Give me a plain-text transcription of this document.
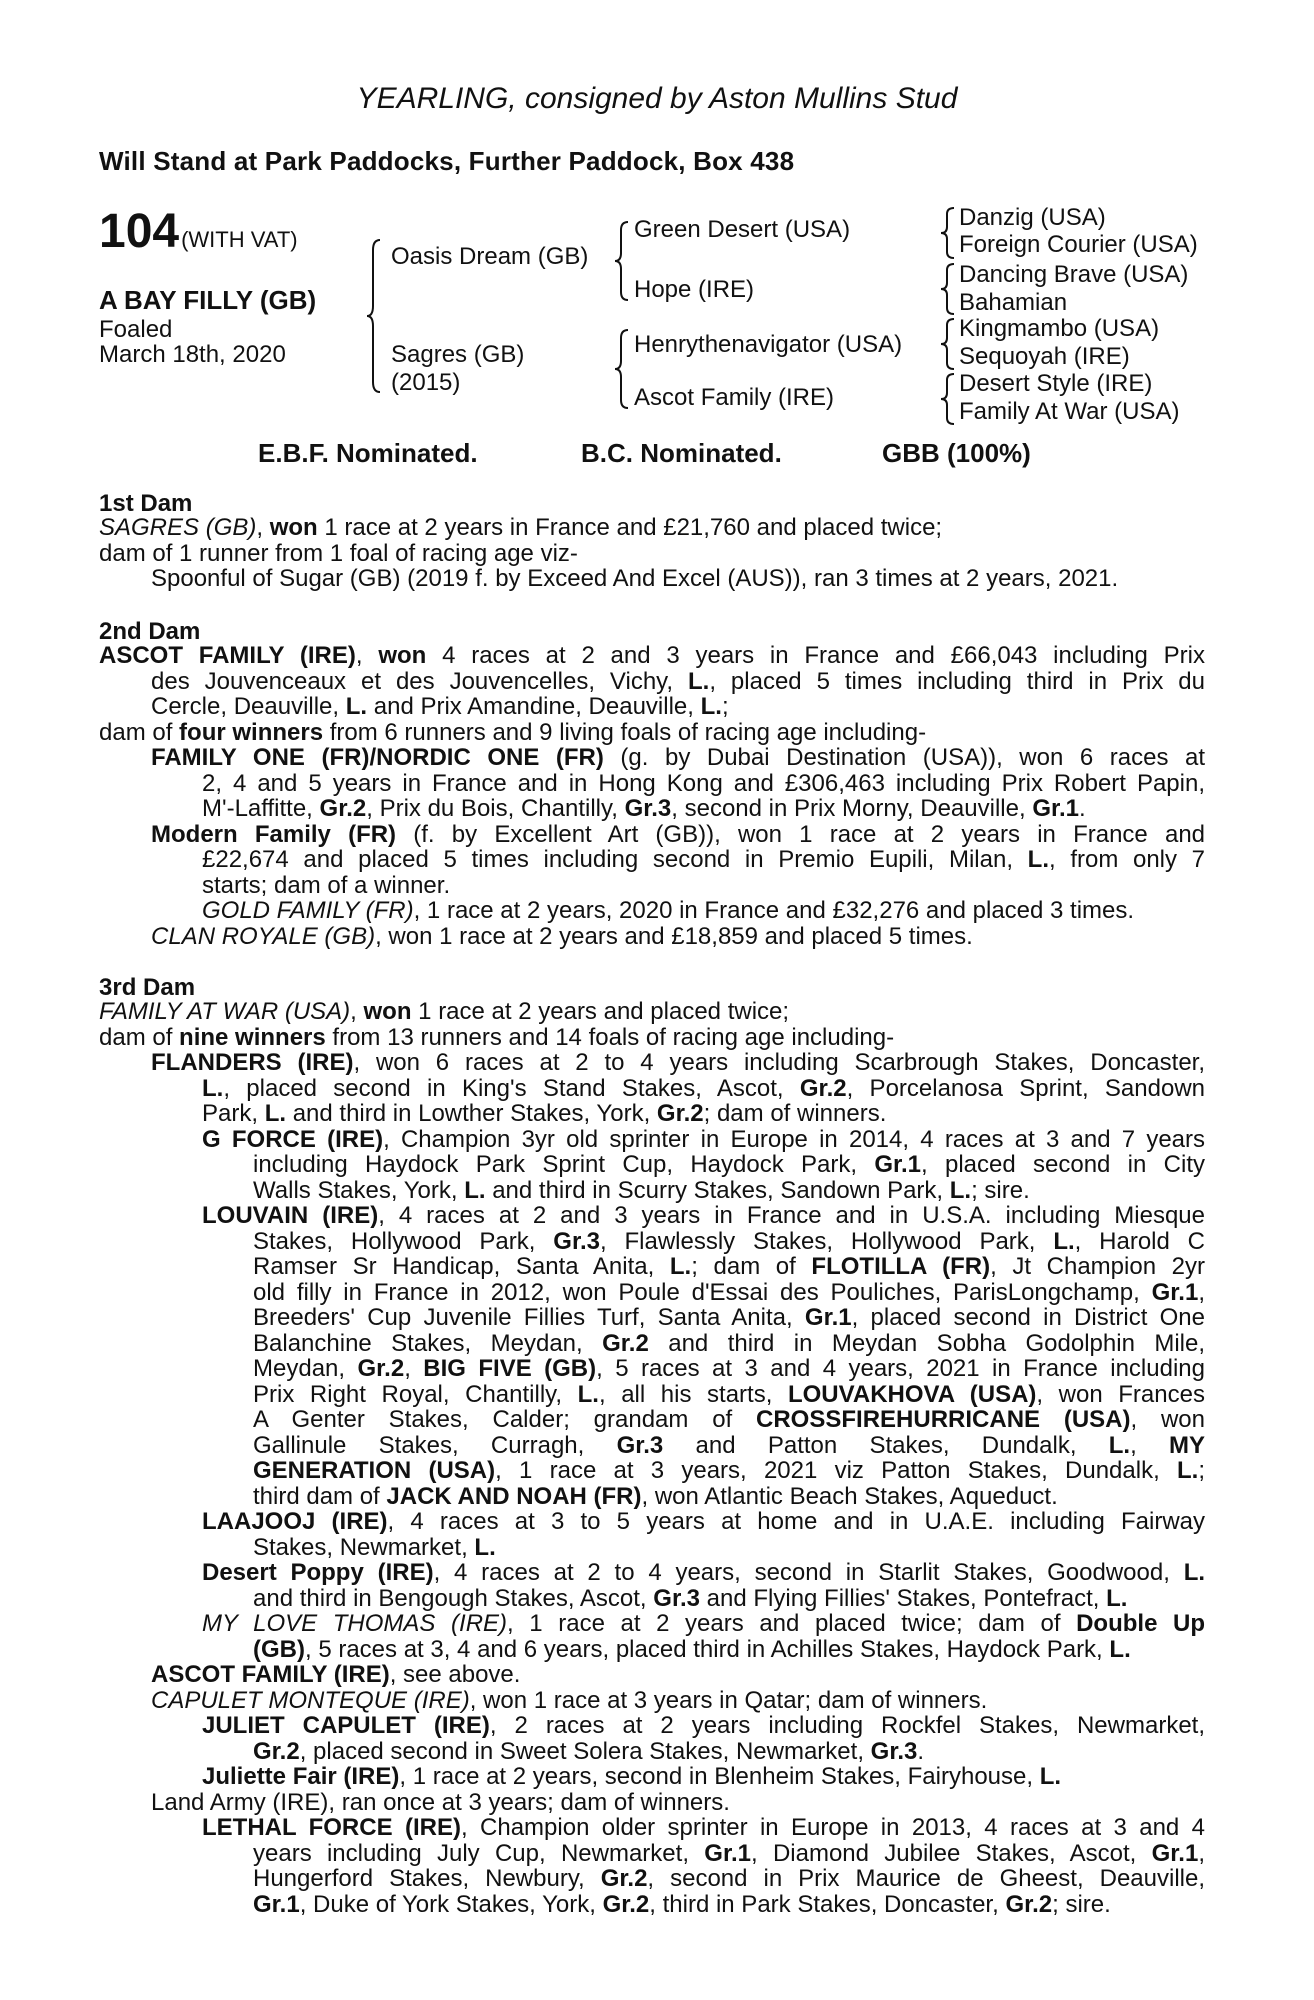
YEARLING, consigned by Aston Mullins Stud
Will Stand at Park Paddocks, Further Paddock, Box 438
104(WITH VAT)
A BAY FILLY (GB)
Foaled
March 18th, 2020
Oasis Dream (GB)
Sagres (GB)
(2015)
Green Desert (USA)
Hope (IRE)
Henrythenavigator (USA)
Ascot Family (IRE)
Danzig (USA)
Foreign Courier (USA)
Dancing Brave (USA)
Bahamian
Kingmambo (USA)
Sequoyah (IRE)
Desert Style (IRE)
Family At War (USA)
E.B.F. Nominated.	B.C. Nominated.	GBB (100%)
1st Dam
SAGRES (GB), won 1 race at 2 years in France and £21,760 and placed twice;
dam of 1 runner from 1 foal of racing age viz-
Spoonful of Sugar (GB) (2019 f. by Exceed And Excel (AUS)), ran 3 times at 2 years, 2021.
2nd Dam
ASCOT FAMILY (IRE), won 4 races at 2 and 3 years in France and £66,043 including Prix
des Jouvenceaux et des Jouvencelles, Vichy, L., placed 5 times including third in Prix du
Cercle, Deauville, L. and Prix Amandine, Deauville, L.;
dam of four winners from 6 runners and 9 living foals of racing age including-
FAMILY ONE (FR)/NORDIC ONE (FR) (g. by Dubai Destination (USA)), won 6 races at
2, 4 and 5 years in France and in Hong Kong and £306,463 including Prix Robert Papin,
M'-Laffitte, Gr.2, Prix du Bois, Chantilly, Gr.3, second in Prix Morny, Deauville, Gr.1.
Modern Family (FR) (f. by Excellent Art (GB)), won 1 race at 2 years in France and
£22,674 and placed 5 times including second in Premio Eupili, Milan, L., from only 7
starts; dam of a winner.
GOLD FAMILY (FR), 1 race at 2 years, 2020 in France and £32,276 and placed 3 times.
CLAN ROYALE (GB), won 1 race at 2 years and £18,859 and placed 5 times.
3rd Dam
FAMILY AT WAR (USA), won 1 race at 2 years and placed twice;
dam of nine winners from 13 runners and 14 foals of racing age including-
FLANDERS (IRE), won 6 races at 2 to 4 years including Scarbrough Stakes, Doncaster,
L., placed second in King's Stand Stakes, Ascot, Gr.2, Porcelanosa Sprint, Sandown
Park, L. and third in Lowther Stakes, York, Gr.2; dam of winners.
G FORCE (IRE), Champion 3yr old sprinter in Europe in 2014, 4 races at 3 and 7 years
including Haydock Park Sprint Cup, Haydock Park, Gr.1, placed second in City
Walls Stakes, York, L. and third in Scurry Stakes, Sandown Park, L.; sire.
LOUVAIN (IRE), 4 races at 2 and 3 years in France and in U.S.A. including Miesque
Stakes, Hollywood Park, Gr.3, Flawlessly Stakes, Hollywood Park, L., Harold C
Ramser Sr Handicap, Santa Anita, L.; dam of FLOTILLA (FR), Jt Champion 2yr
old filly in France in 2012, won Poule d'Essai des Pouliches, ParisLongchamp, Gr.1,
Breeders' Cup Juvenile Fillies Turf, Santa Anita, Gr.1, placed second in District One
Balanchine Stakes, Meydan, Gr.2 and third in Meydan Sobha Godolphin Mile,
Meydan, Gr.2, BIG FIVE (GB), 5 races at 3 and 4 years, 2021 in France including
Prix Right Royal, Chantilly, L., all his starts, LOUVAKHOVA (USA), won Frances
A Genter Stakes, Calder; grandam of CROSSFIREHURRICANE (USA), won
Gallinule Stakes, Curragh, Gr.3 and Patton Stakes, Dundalk, L., MY
GENERATION (USA), 1 race at 3 years, 2021 viz Patton Stakes, Dundalk, L.;
third dam of JACK AND NOAH (FR), won Atlantic Beach Stakes, Aqueduct.
LAAJOOJ (IRE), 4 races at 3 to 5 years at home and in U.A.E. including Fairway
Stakes, Newmarket, L.
Desert Poppy (IRE), 4 races at 2 to 4 years, second in Starlit Stakes, Goodwood, L.
and third in Bengough Stakes, Ascot, Gr.3 and Flying Fillies' Stakes, Pontefract, L.
MY LOVE THOMAS (IRE), 1 race at 2 years and placed twice; dam of Double Up
(GB), 5 races at 3, 4 and 6 years, placed third in Achilles Stakes, Haydock Park, L.
ASCOT FAMILY (IRE), see above.
CAPULET MONTEQUE (IRE), won 1 race at 3 years in Qatar; dam of winners.
JULIET CAPULET (IRE), 2 races at 2 years including Rockfel Stakes, Newmarket,
Gr.2, placed second in Sweet Solera Stakes, Newmarket, Gr.3.
Juliette Fair (IRE), 1 race at 2 years, second in Blenheim Stakes, Fairyhouse, L.
Land Army (IRE), ran once at 3 years; dam of winners.
LETHAL FORCE (IRE), Champion older sprinter in Europe in 2013, 4 races at 3 and 4
years including July Cup, Newmarket, Gr.1, Diamond Jubilee Stakes, Ascot, Gr.1,
Hungerford Stakes, Newbury, Gr.2, second in Prix Maurice de Gheest, Deauville,
Gr.1, Duke of York Stakes, York, Gr.2, third in Park Stakes, Doncaster, Gr.2; sire.
